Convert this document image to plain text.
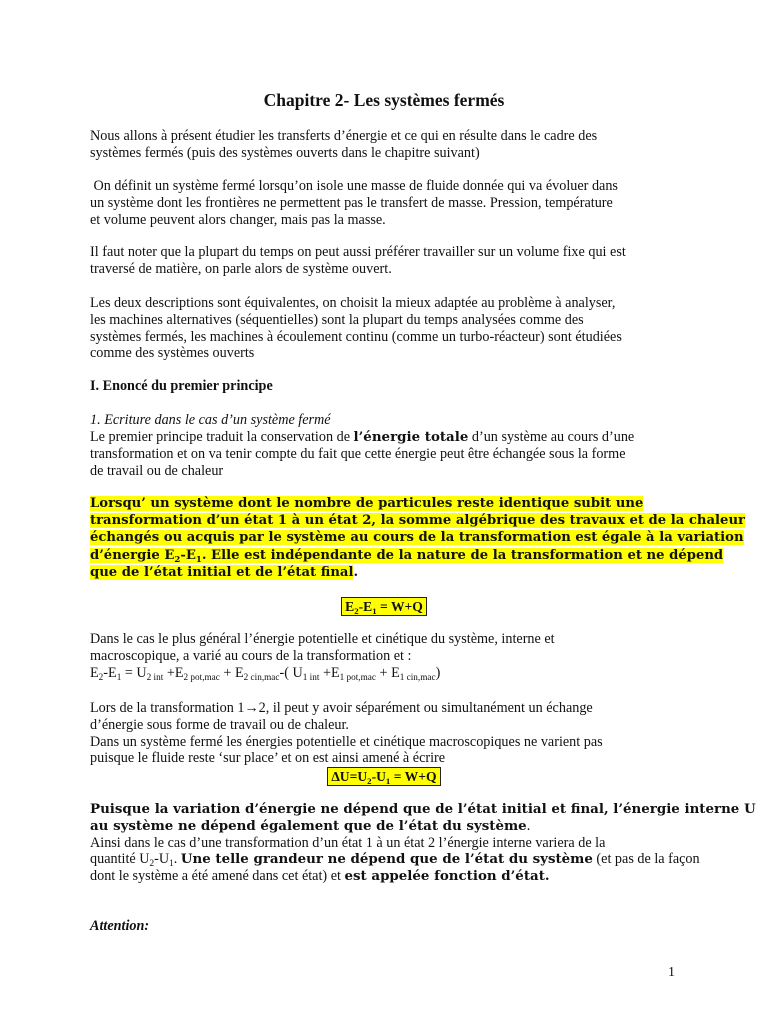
Chapitre 2- Les systèmes fermés

Nous allons à présent étudier les transferts d’énergie et ce qui en résulte dans le cadre des
systèmes fermés (puis des systèmes ouverts dans le chapitre suivant)

On définit un système fermé lorsqu’on isole une masse de fluide donnée qui va évoluer dans
un système dont les frontières ne permettent pas le transfert de masse. Pression, température
et volume peuvent alors changer, mais pas la masse.

Il faut noter que la plupart du temps on peut aussi préférer travailler sur un volume fixe qui est
traversé de matière, on parle alors de système ouvert.

Les deux descriptions sont équivalentes, on choisit la mieux adaptée au problème à analyser,
les machines alternatives (séquentielles) sont la plupart du temps analysées comme des
systèmes fermés, les machines à écoulement continu (comme un turbo-réacteur) sont étudiées
comme des systèmes ouverts

I. Enoncé du premier principe

1. Ecriture dans le cas d’un système fermé

Le premier principe traduit la conservation de l’énergie totale d’un système au cours d’une
transformation et on va tenir compte du fait que cette énergie peut être échangée sous la forme
de travail ou de chaleur

Lorsqu’ un système dont le nombre de particules reste identique subit une
transformation d’un état 1 à un état 2, la somme algébrique des travaux et de la chaleur
échangés ou acquis par le système au cours de la transformation est égale à la variation
d’énergie $E_2-E_1$. Elle est indépendante de la nature de la transformation et ne dépend
que de l’état initial et de l’état final.

$E_2-E_1 = W+Q$

Dans le cas le plus général l’énergie potentielle et cinétique du système, interne et
macroscopique, a varié au cours de la transformation et :
$E_2-E_1 = U_{2 int} +E_{2 pot,mac} + E_{2 cin,mac}-$( $U_{1 int} +E_{1 pot,mac} + E_{1 cin,mac}$)

Lors de la transformation 1→2, il peut y avoir séparément ou simultanément un échange
d’énergie sous forme de travail ou de chaleur.
Dans un système fermé les énergies potentielle et cinétique macroscopiques ne varient pas
puisque le fluide reste ‘sur place’ et on est ainsi amené à écrire

$\Delta U=U_2-U_1 = W+Q$

Puisque la variation d’énergie ne dépend que de l’état initial et final, l’énergie interne U
au système ne dépend également que de l’état du système.
Ainsi dans le cas d’une transformation d’un état 1 à un état 2 l’énergie interne variera de la
quantité $U_2-U_1$. Une telle grandeur ne dépend que de l’état du système (et pas de la façon
dont le système a été amené dans cet état) et est appelée fonction d’état.

Attention:

1
